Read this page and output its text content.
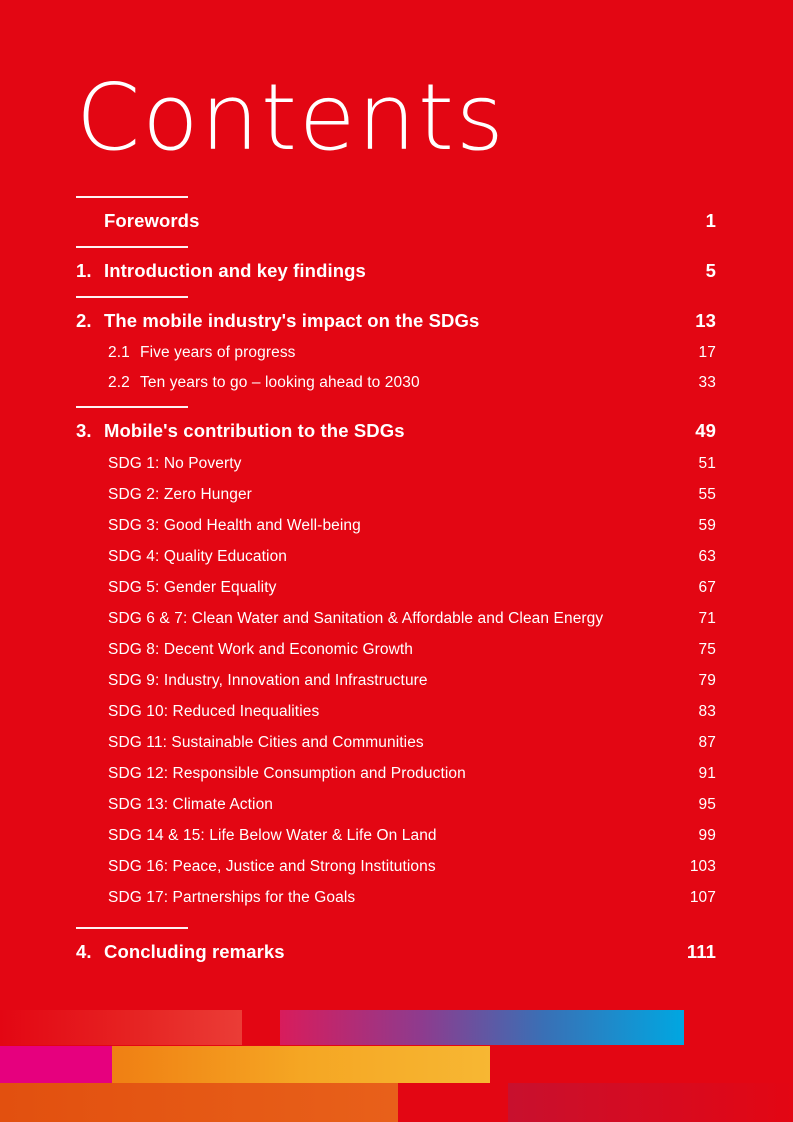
Contents
Forewords	1
1. Introduction and key findings	5
2. The mobile industry's impact on the SDGs	13
2.1 Five years of progress	17
2.2 Ten years to go – looking ahead to 2030	33
3. Mobile's contribution to the SDGs	49
SDG 1: No Poverty	51
SDG 2: Zero Hunger	55
SDG 3: Good Health and Well-being	59
SDG 4: Quality Education	63
SDG 5: Gender Equality	67
SDG 6 & 7: Clean Water and Sanitation & Affordable and Clean Energy	71
SDG 8: Decent Work and Economic Growth	75
SDG 9: Industry, Innovation and Infrastructure	79
SDG 10: Reduced Inequalities	83
SDG 11: Sustainable Cities and Communities	87
SDG 12: Responsible Consumption and Production	91
SDG 13: Climate Action	95
SDG 14 & 15: Life Below Water & Life On Land	99
SDG 16: Peace, Justice and Strong Institutions	103
SDG 17: Partnerships for the Goals	107
4. Concluding remarks	111
